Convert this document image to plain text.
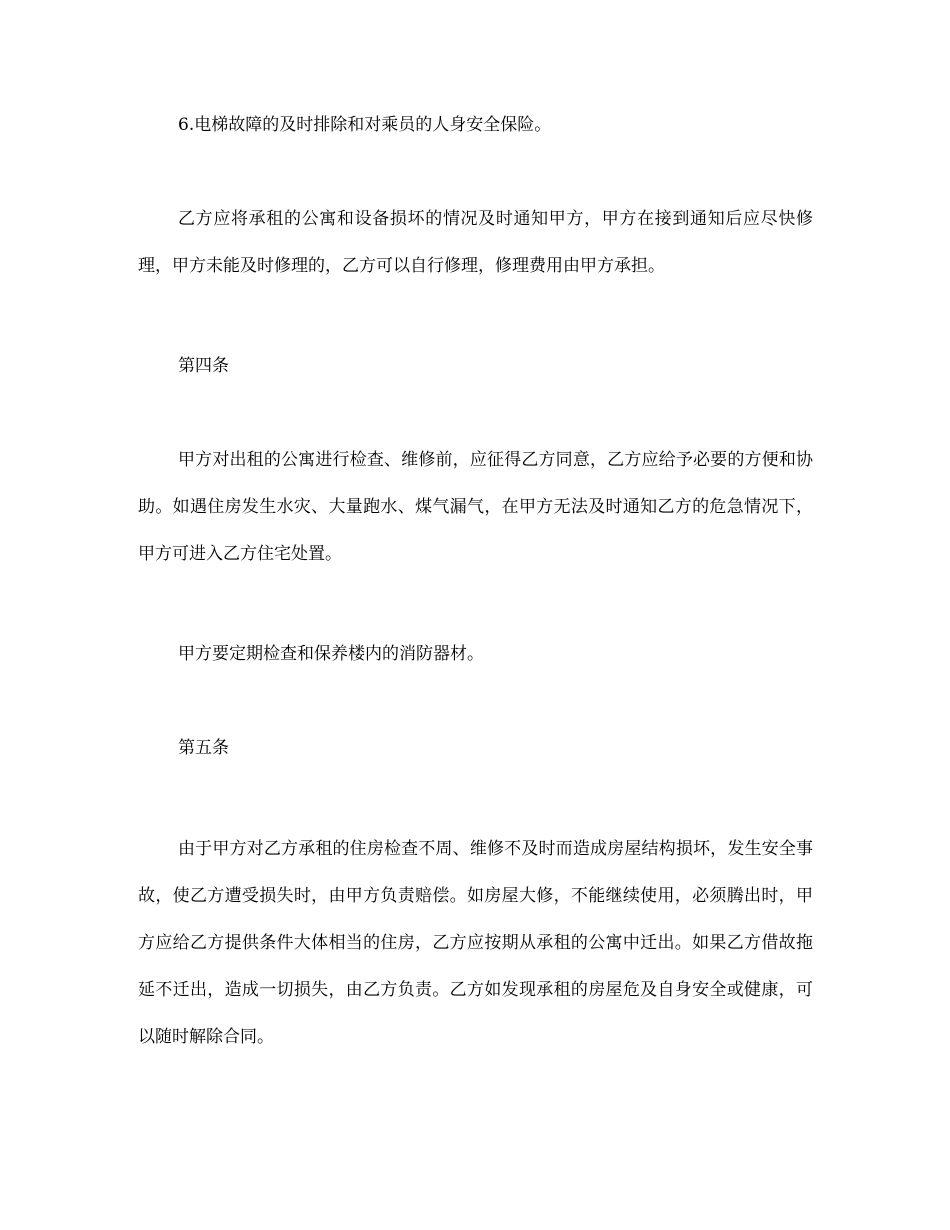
6.电梯故障的及时排除和对乘员的人身安全保险。

乙方应将承租的公寓和设备损坏的情况及时通知甲方，甲方在接到通知后应尽快修理，甲方未能及时修理的，乙方可以自行修理，修理费用由甲方承担。

第四条

甲方对出租的公寓进行检查、维修前，应征得乙方同意，乙方应给予必要的方便和协助。如遇住房发生水灾、大量跑水、煤气漏气，在甲方无法及时通知乙方的危急情况下，甲方可进入乙方住宅处置。

甲方要定期检查和保养楼内的消防器材。

第五条

由于甲方对乙方承租的住房检查不周、维修不及时而造成房屋结构损坏，发生安全事故，使乙方遭受损失时，由甲方负责赔偿。如房屋大修，不能继续使用，必须腾出时，甲方应给乙方提供条件大体相当的住房，乙方应按期从承租的公寓中迁出。如果乙方借故拖延不迁出，造成一切损失，由乙方负责。乙方如发现承租的房屋危及自身安全或健康，可以随时解除合同。
